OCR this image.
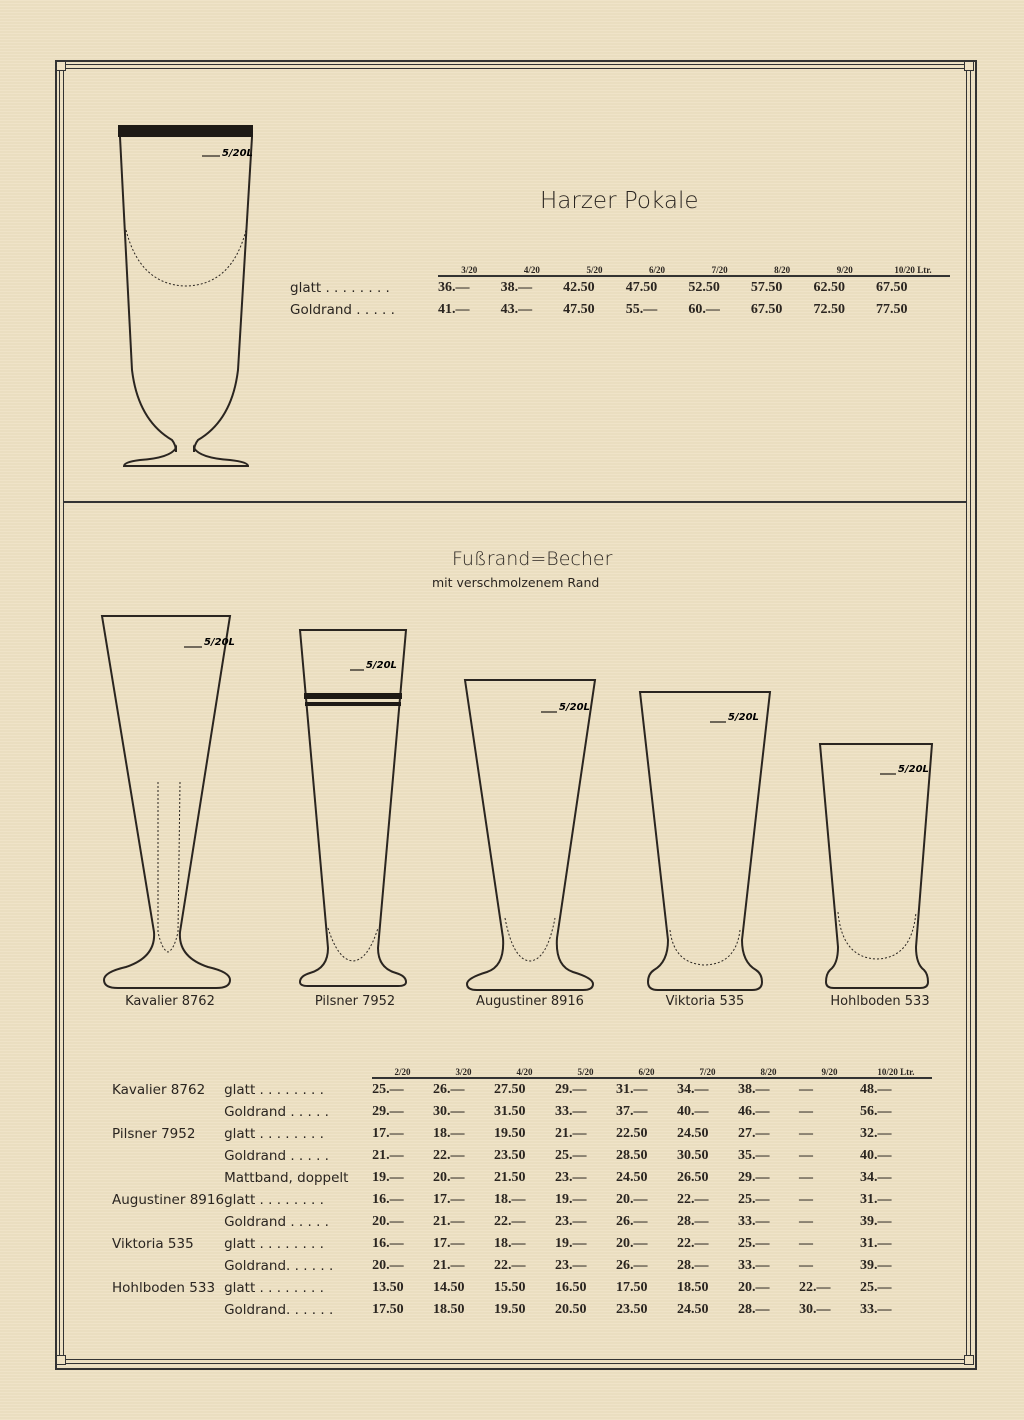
5/20L
Harzer Pokale
	3/20	4/20	5/20	6/20	7/20	8/20	9/20	10/20 Ltr.
glatt . . . . . . . .	36.—	38.—	42.50	47.50	52.50	57.50	62.50	67.50
Goldrand . . . . .	41.—	43.—	47.50	55.—	60.—	67.50	72.50	77.50
Fußrand=Becher
mit verschmolzenem Rand
5/20L
Kavalier 8762
5/20L
Pilsner 7952
5/20L
Augustiner 8916
5/20L
Viktoria 535
5/20L
Hohlboden 533
		2/20	3/20	4/20	5/20	6/20	7/20	8/20	9/20	10/20 Ltr.
Kavalier 8762	glatt . . . . . . . .	25.—	26.—	27.50	29.—	31.—	34.—	38.—	—	48.—
	Goldrand . . . . .	29.—	30.—	31.50	33.—	37.—	40.—	46.—	—	56.—
Pilsner 7952	glatt . . . . . . . .	17.—	18.—	19.50	21.—	22.50	24.50	27.—	—	32.—
	Goldrand . . . . .	21.—	22.—	23.50	25.—	28.50	30.50	35.—	—	40.—
	Mattband, doppelt	19.—	20.—	21.50	23.—	24.50	26.50	29.—	—	34.—
Augustiner 8916	glatt . . . . . . . .	16.—	17.—	18.—	19.—	20.—	22.—	25.—	—	31.—
	Goldrand . . . . .	20.—	21.—	22.—	23.—	26.—	28.—	33.—	—	39.—
Viktoria 535	glatt . . . . . . . .	16.—	17.—	18.—	19.—	20.—	22.—	25.—	—	31.—
	Goldrand. . . . . .	20.—	21.—	22.—	23.—	26.—	28.—	33.—	—	39.—
Hohlboden 533	glatt . . . . . . . .	13.50	14.50	15.50	16.50	17.50	18.50	20.—	22.—	25.—
	Goldrand. . . . . .	17.50	18.50	19.50	20.50	23.50	24.50	28.—	30.—	33.—
